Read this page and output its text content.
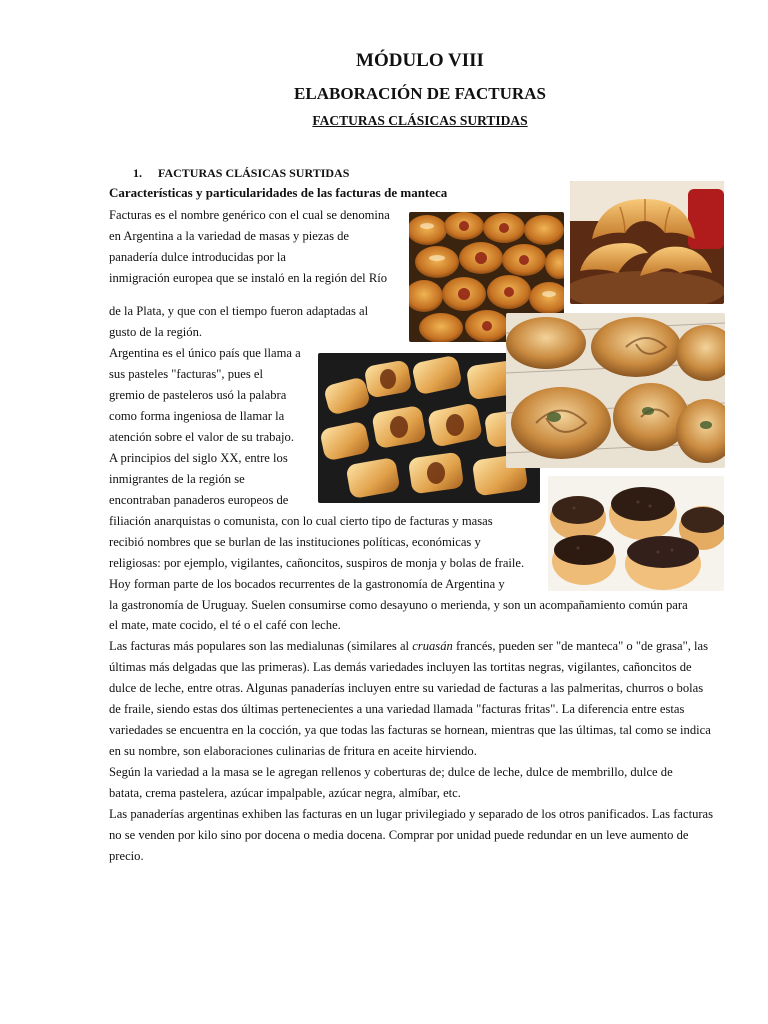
MÓDULO VIII
ELABORACIÓN DE FACTURAS
FACTURAS CLÁSICAS SURTIDAS
1. FACTURAS CLÁSICAS SURTIDAS
Características y particularidades de las facturas de manteca
Facturas es el nombre genérico con el cual se denomina
en Argentina a la variedad de masas y piezas de
panadería dulce introducidas por la
inmigración europea que se instaló en la región del Río
de la Plata, y que con el tiempo fueron adaptadas al
gusto de la región.
Argentina es el único país que llama a
sus pasteles "facturas", pues el
gremio de pasteleros usó la palabra
como forma ingeniosa de llamar la
atención sobre el valor de su trabajo.
A principios del siglo XX, entre los
inmigrantes de la región se
encontraban panaderos europeos de
filiación anarquistas o comunista, con lo cual cierto tipo de facturas y masas
recibió nombres que se burlan de las instituciones políticas, económicas y
religiosas: por ejemplo, vigilantes, cañoncitos, suspiros de monja y bolas de fraile.
Hoy forman parte de los bocados recurrentes de la gastronomía de Argentina y
la gastronomía de Uruguay. Suelen consumirse como desayuno o merienda, y son un acompañamiento común para
el mate, mate cocido, el té o el café con leche.
Las facturas más populares son las medialunas (similares al cruasán francés, pueden ser "de manteca" o "de grasa", las
últimas más delgadas que las primeras). Las demás variedades incluyen las tortitas negras, vigilantes, cañoncitos de
dulce de leche, entre otras. Algunas panaderías incluyen entre su variedad de facturas a las palmeritas, churros o bolas
de fraile, siendo estas dos últimas pertenecientes a una variedad llamada "facturas fritas". La diferencia entre estas
variedades se encuentra en la cocción, ya que todas las facturas se hornean, mientras que las últimas, tal como se indica
en su nombre, son elaboraciones culinarias de fritura en aceite hirviendo.
Según la variedad a la masa se le agregan rellenos y coberturas de; dulce de leche, dulce de membrillo, dulce de
batata, crema pastelera, azúcar impalpable, azúcar negra, almíbar, etc.
Las panaderías argentinas exhiben las facturas en un lugar privilegiado y separado de los otros panificados. Las facturas
no se venden por kilo sino por docena o media docena. Comprar por unidad puede redundar en un leve aumento de
precio.
